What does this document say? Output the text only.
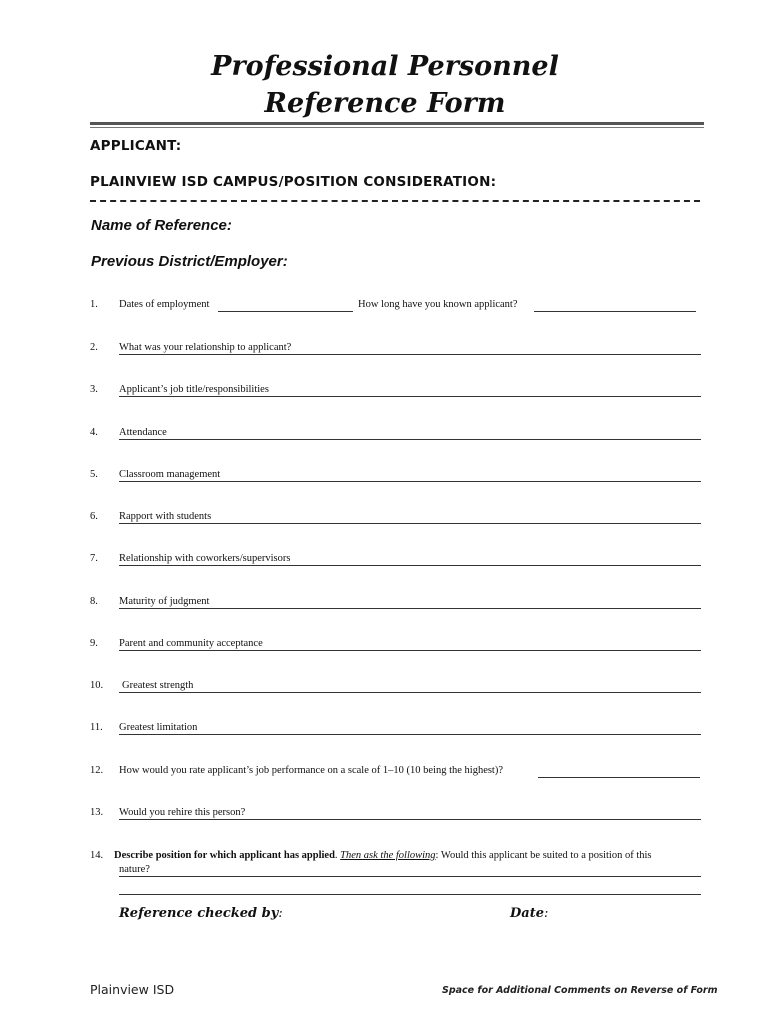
Professional Personnel
Reference Form
APPLICANT:
PLAINVIEW ISD CAMPUS/POSITION CONSIDERATION:
Name of Reference:
Previous District/Employer:
1. Dates of employment	How long have you known applicant?
2. What was your relationship to applicant?
3. Applicant’s job title/responsibilities
4. Attendance
5. Classroom management
6. Rapport with students
7. Relationship with coworkers/supervisors
8. Maturity of judgment
9. Parent and community acceptance
10. Greatest strength
11. Greatest limitation
12. How would you rate applicant’s job performance on a scale of 1–10 (10 being the highest)?
13. Would you rehire this person?
14. Describe position for which applicant has applied. Then ask the following: Would this applicant be suited to a position of this
nature?
Reference checked by:	Date:
Plainview ISD	Space for Additional Comments on Reverse of Form
